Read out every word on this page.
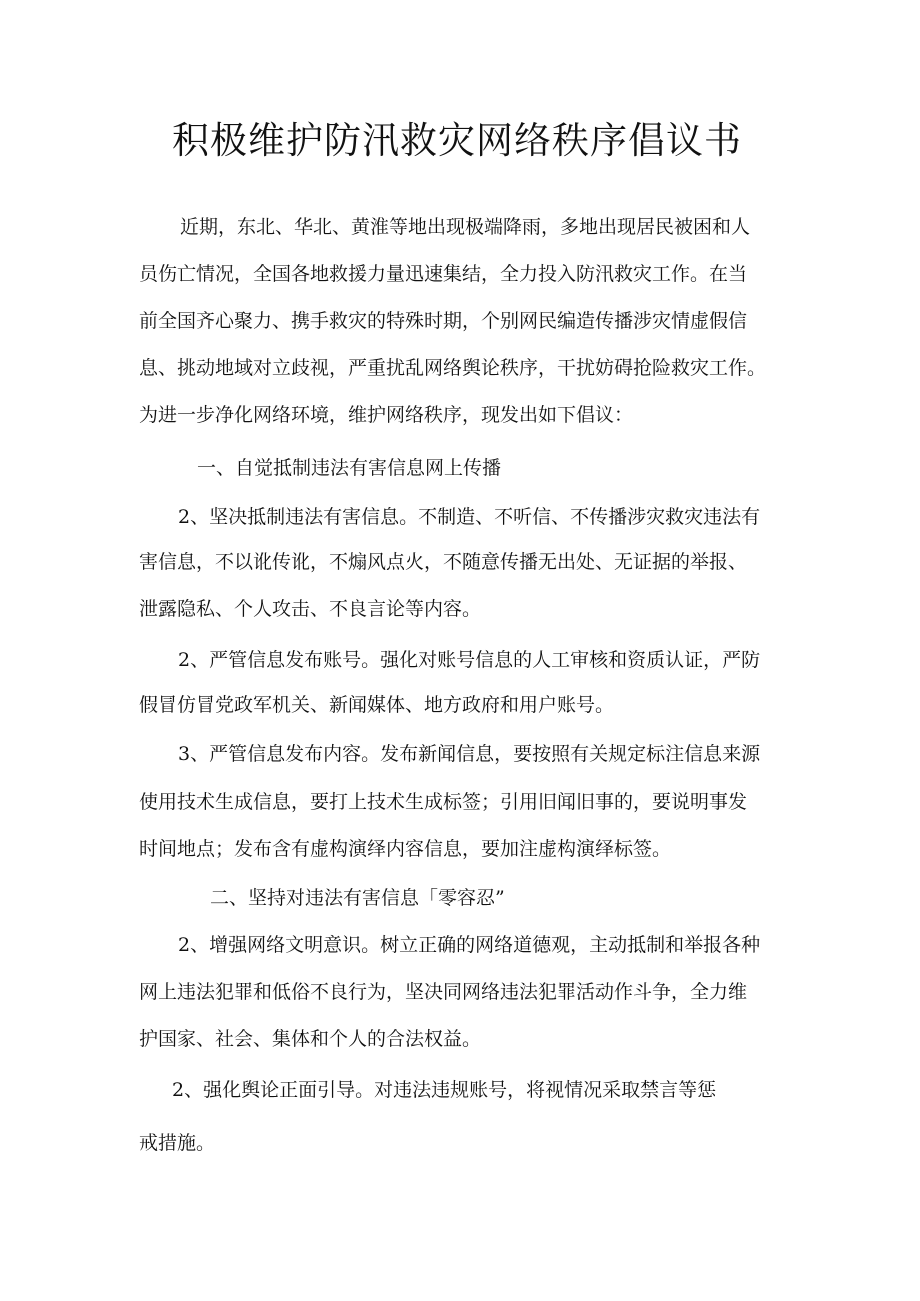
积极维护防汛救灾网络秩序倡议书
近期，东北、华北、黄淮等地出现极端降雨，多地出现居民被困和人
员伤亡情况，全国各地救援力量迅速集结，全力投入防汛救灾工作。在当
前全国齐心聚力、携手救灾的特殊时期，个别网民编造传播涉灾情虚假信
息、挑动地域对立歧视，严重扰乱网络舆论秩序，干扰妨碍抢险救灾工作。
为进一步净化网络环境，维护网络秩序，现发出如下倡议：
一、自觉抵制违法有害信息网上传播
2、坚决抵制违法有害信息。不制造、不听信、不传播涉灾救灾违法有
害信息，不以讹传讹，不煽风点火，不随意传播无出处、无证据的举报、
泄露隐私、个人攻击、不良言论等内容。
2、严管信息发布账号。强化对账号信息的人工审核和资质认证，严防
假冒仿冒党政军机关、新闻媒体、地方政府和用户账号。
3、严管信息发布内容。发布新闻信息，要按照有关规定标注信息来源
使用技术生成信息，要打上技术生成标签；引用旧闻旧事的，要说明事发
时间地点；发布含有虚构演绎内容信息，要加注虚构演绎标签。
二、坚持对违法有害信息「零容忍”
2、增强网络文明意识。树立正确的网络道德观，主动抵制和举报各种
网上违法犯罪和低俗不良行为，坚决同网络违法犯罪活动作斗争，全力维
护国家、社会、集体和个人的合法权益。
2、强化舆论正面引导。对违法违规账号，将视情况采取禁言等惩
戒措施。
